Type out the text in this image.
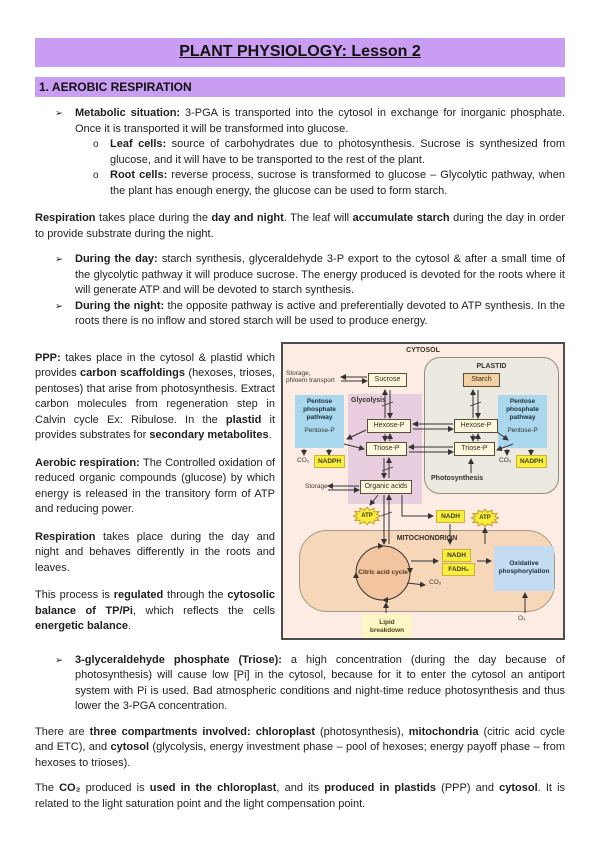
PLANT PHYSIOLOGY: Lesson 2
1. AEROBIC RESPIRATION
➢	Metabolic situation: 3-PGA is transported into the cytosol in exchange for inorganic phosphate. Once it is transported it will be transformed into glucose.
o	Leaf cells: source of carbohydrates due to photosynthesis. Sucrose is synthesized from glucose, and it will have to be transported to the rest of the plant.
o	Root cells: reverse process, sucrose is transformed to glucose – Glycolytic pathway, when the plant has enough energy, the glucose can be used to form starch.

Respiration takes place during the day and night. The leaf will accumulate starch during the day in order to provide substrate during the night.

➢	During the day: starch synthesis, glyceraldehyde 3-P export to the cytosol & after a small time of the glycolytic pathway it will produce sucrose. The energy produced is devoted for the roots where it will generate ATP and will be devoted to starch synthesis.
➢	During the night: the opposite pathway is active and preferentially devoted to ATP synthesis. In the roots there is no inflow and stored starch will be used to produce energy.

PPP: takes place in the cytosol & plastid which provides carbon scaffoldings (hexoses, trioses, pentoses) that arise from photosynthesis. Extract carbon molecules from regeneration step in Calvin cycle Ex: Ribulose. In the plastid it provides substrates for secondary metabolites.

Aerobic respiration: The Controlled oxidation of reduced organic compounds (glucose) by which energy is released in the transitory form of ATP and reducing power.

Respiration takes place during the day and night and behaves differently in the roots and leaves.

This process is regulated through the cytosolic balance of TP/Pi, which reflects the cells energetic balance.

CYTOSOL
PLASTID
MITOCHONDRION
Glycolysis
Pentose phosphate pathway
Pentose-P
Pentose phosphate pathway
Pentose-P
Storage,
phloem transport	Sucrose	Starch
Hexose-P	Hexose-P
Triose-P	Triose-P
CO₂	NADPH	CO₂	NADPH
Photosynthesis
Storage	Organic acids
ATP	NADH	ATP
Citric acid cycle
NADH
FADH₂
CO₂
Oxidative phosphorylation
O₂
Lipid breakdown
➢	3-glyceraldehyde phosphate (Triose): a high concentration (during the day because of photosynthesis) will cause low [Pi] in the cytosol, because for it to enter the cytosol an antiport system with Pi is used. Bad atmospheric conditions and night-time reduce photosynthesis and thus lower the 3-PGA concentration.

There are three compartments involved: chloroplast (photosynthesis), mitochondria (citric acid cycle and ETC), and cytosol (glycolysis, energy investment phase – pool of hexoses; energy payoff phase – from hexoses to trioses).

The CO₂ produced is used in the chloroplast, and its produced in plastids (PPP) and cytosol. It is related to the light saturation point and the light compensation point.
